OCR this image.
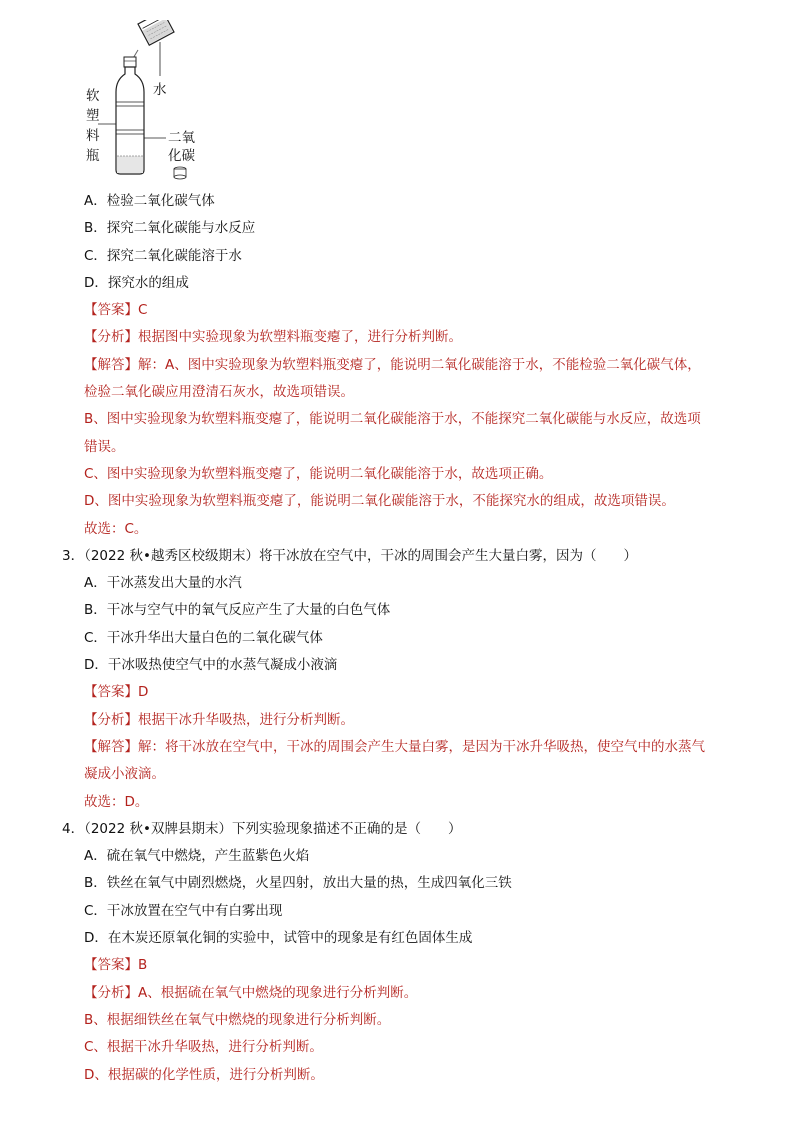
软
塑
料
瓶
水
二氧
化碳
A．检验二氧化碳气体
B．探究二氧化碳能与水反应
C．探究二氧化碳能溶于水
D．探究水的组成
【答案】C
【分析】根据图中实验现象为软塑料瓶变瘪了，进行分析判断。
【解答】解：A、图中实验现象为软塑料瓶变瘪了，能说明二氧化碳能溶于水，不能检验二氧化碳气体，
检验二氧化碳应用澄清石灰水，故选项错误。
B、图中实验现象为软塑料瓶变瘪了，能说明二氧化碳能溶于水，不能探究二氧化碳能与水反应，故选项
错误。
C、图中实验现象为软塑料瓶变瘪了，能说明二氧化碳能溶于水，故选项正确。
D、图中实验现象为软塑料瓶变瘪了，能说明二氧化碳能溶于水，不能探究水的组成，故选项错误。
故选：C。
3．（2022 秋•越秀区校级期末）将干冰放在空气中，干冰的周围会产生大量白雾，因为（　　）
A．干冰蒸发出大量的水汽
B．干冰与空气中的氧气反应产生了大量的白色气体
C．干冰升华出大量白色的二氧化碳气体
D．干冰吸热使空气中的水蒸气凝成小液滴
【答案】D
【分析】根据干冰升华吸热，进行分析判断。
【解答】解：将干冰放在空气中，干冰的周围会产生大量白雾，是因为干冰升华吸热，使空气中的水蒸气
凝成小液滴。
故选：D。
4．（2022 秋•双牌县期末）下列实验现象描述不正确的是（　　）
A．硫在氧气中燃烧，产生蓝紫色火焰
B．铁丝在氧气中剧烈燃烧，火星四射，放出大量的热，生成四氧化三铁
C．干冰放置在空气中有白雾出现
D．在木炭还原氧化铜的实验中，试管中的现象是有红色固体生成
【答案】B
【分析】A、根据硫在氧气中燃烧的现象进行分析判断。
B、根据细铁丝在氧气中燃烧的现象进行分析判断。
C、根据干冰升华吸热，进行分析判断。
D、根据碳的化学性质，进行分析判断。
